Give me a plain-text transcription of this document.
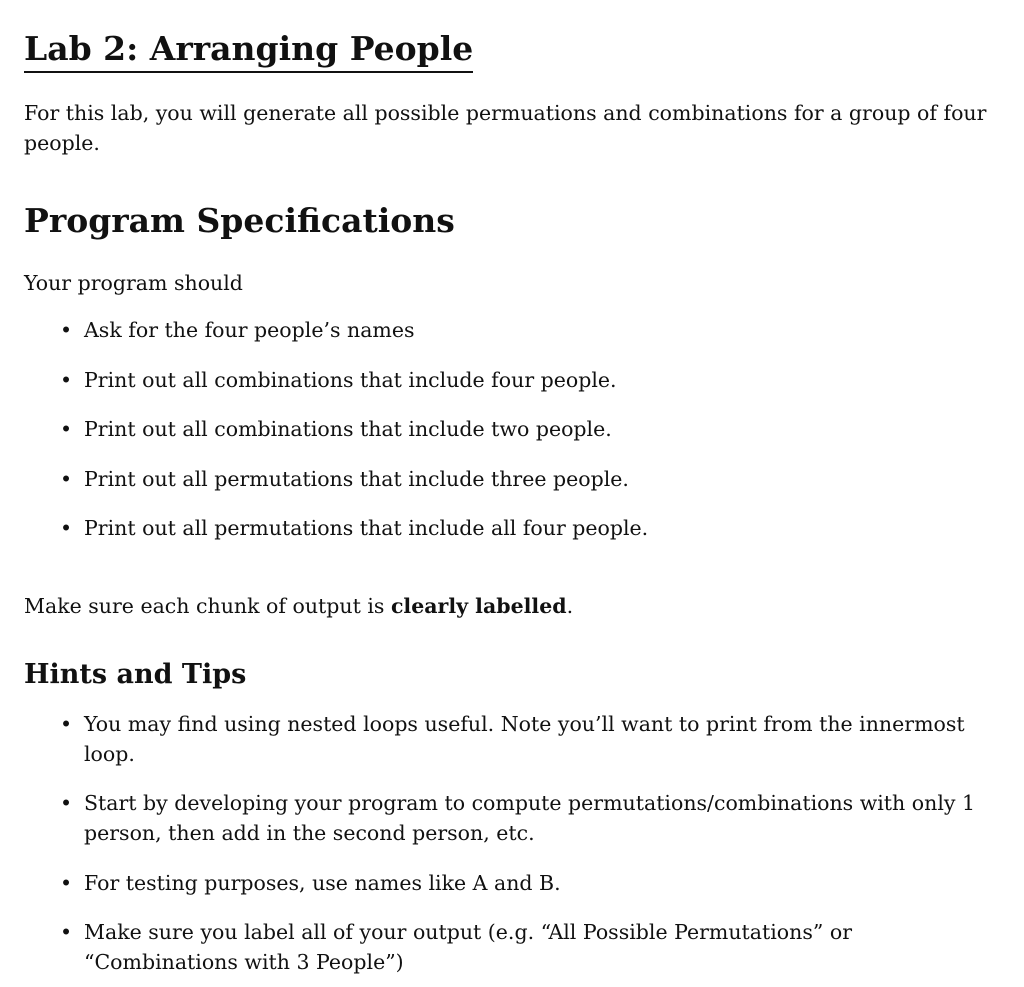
Lab 2: Arranging People

For this lab, you will generate all possible permuations and combinations for a group of four people.

Program Specifications

Your program should

• Ask for the four people’s names
• Print out all combinations that include four people.
• Print out all combinations that include two people.
• Print out all permutations that include three people.
• Print out all permutations that include all four people.

Make sure each chunk of output is clearly labelled.

Hints and Tips
• You may find using nested loops useful. Note you’ll want to print from the innermost loop.
• Start by developing your program to compute permutations/combinations with only 1 person, then add in the second person, etc.
• For testing purposes, use names like A and B.
• Make sure you label all of your output (e.g. “All Possible Permutations” or “Combinations with 3 People”)
